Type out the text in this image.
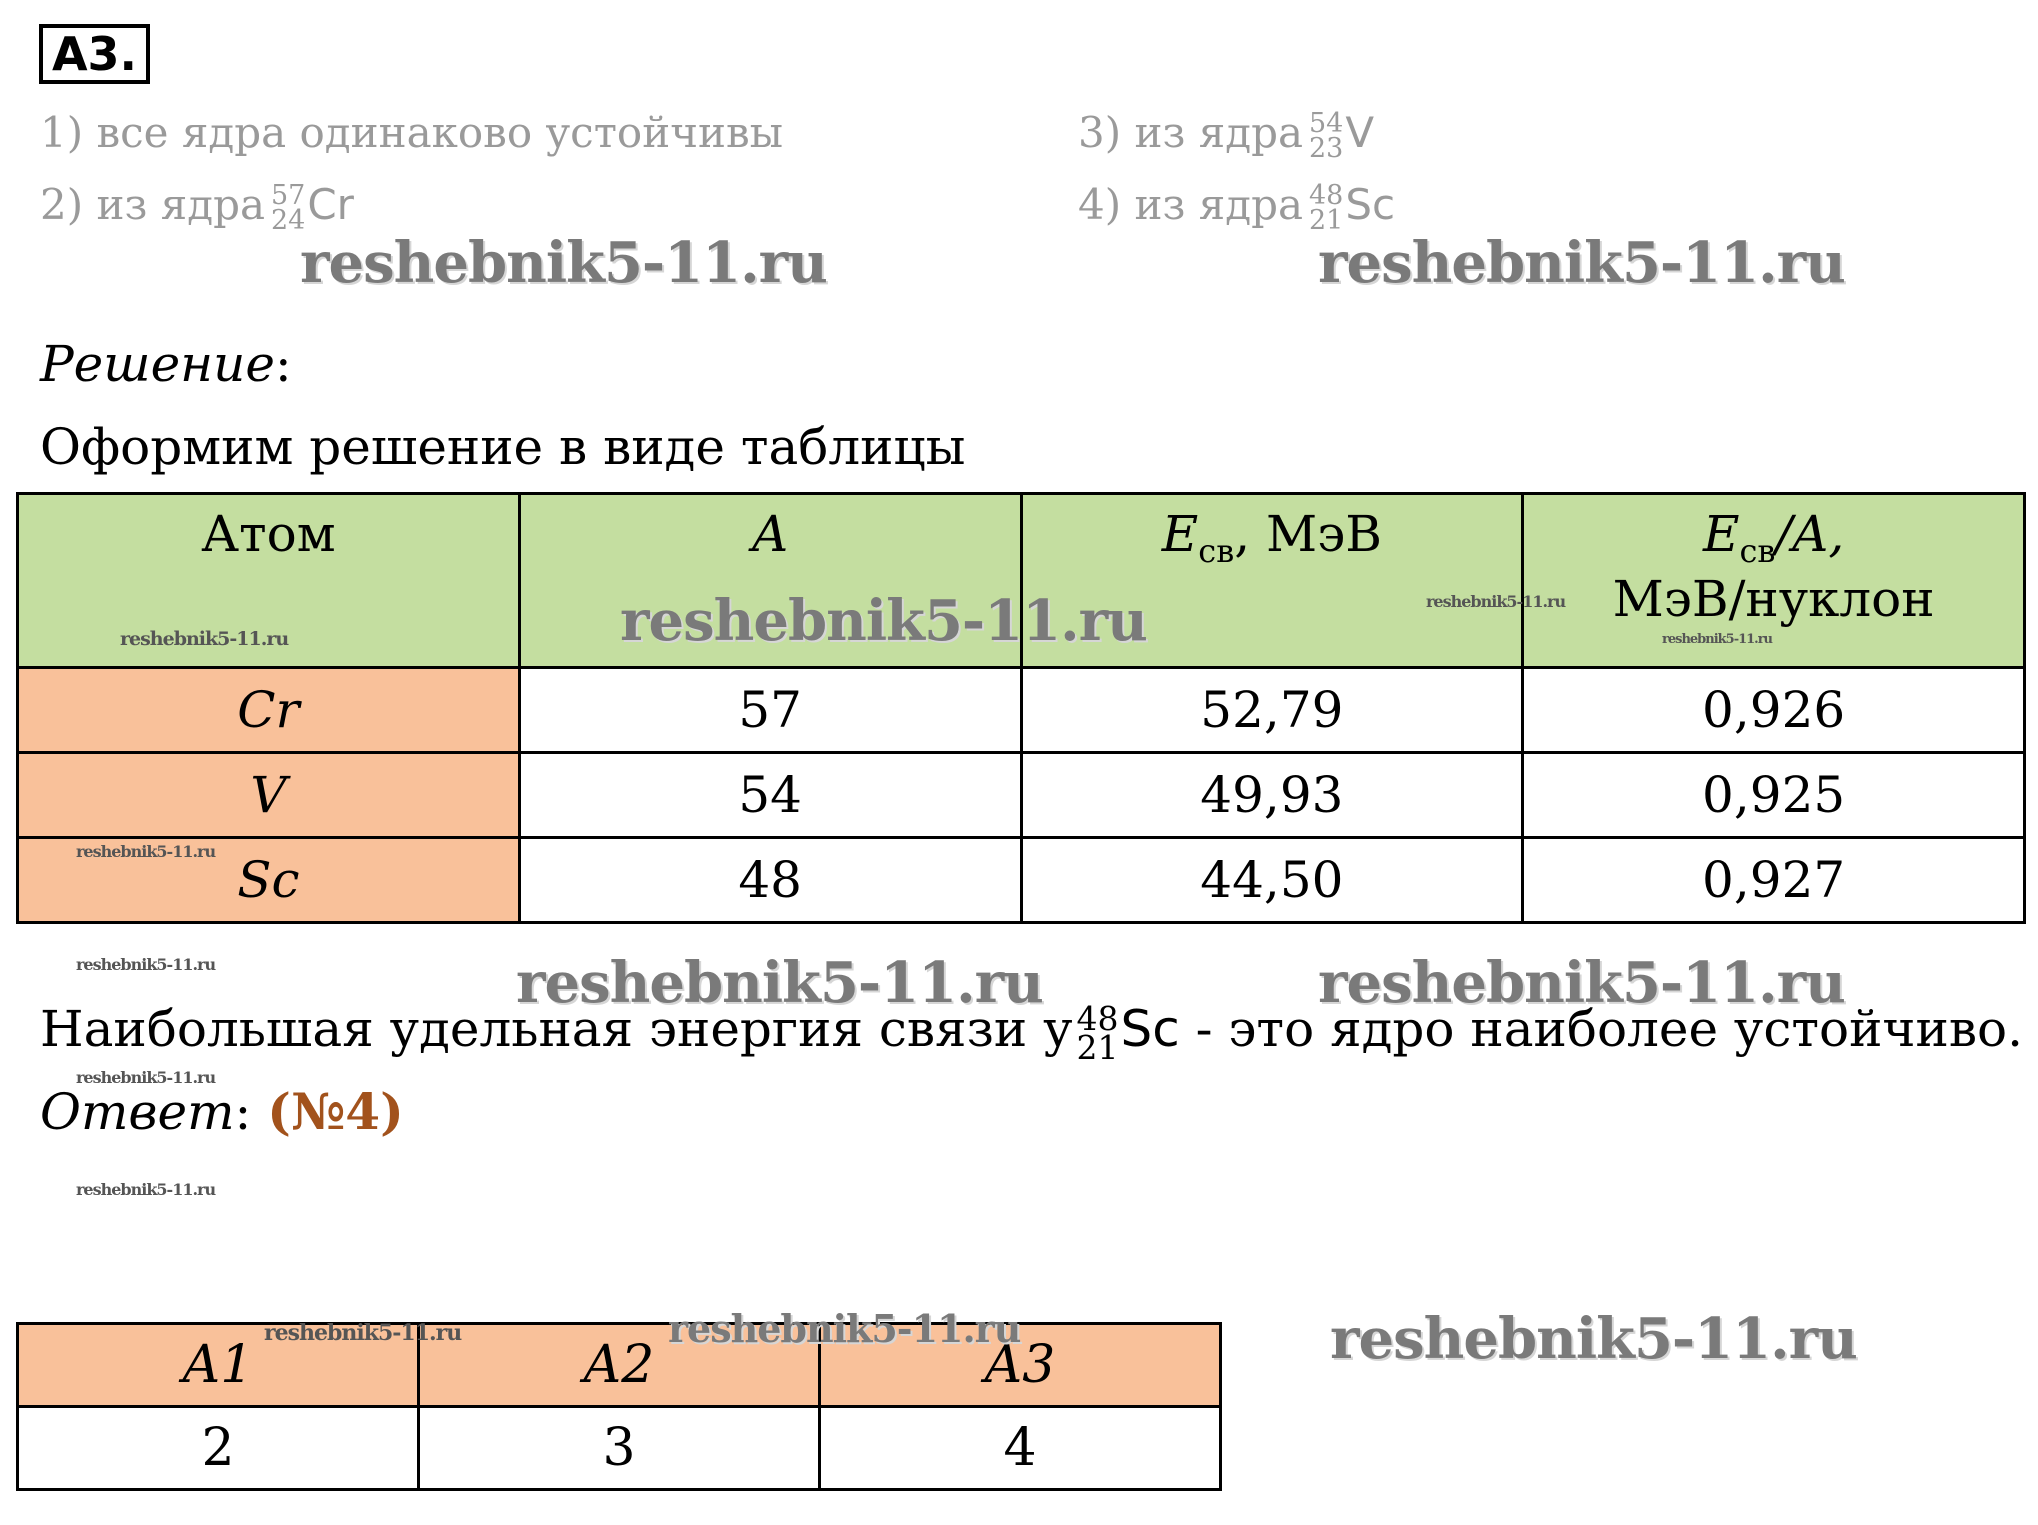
А3.
1) все ядра одинаково устойчивы
2) из ядра 57
24 Cr
3) из ядра 54
23 V
4) из ядра 48
21 Sc
reshebnik5-11.ru	reshebnik5-11.ru
Решение:
Оформим решение в виде таблицы
Атом	A	$E_{св}$, МэВ	$E_{св}/A$,
МэВ/нуклон
Cr	57	52,79	0,926
V	54	49,93	0,925
Sc	48	44,50	0,927
reshebnik5-11.ru
reshebnik5-11.ru
reshebnik5-11.ru
reshebnik5-11.ru
reshebnik5-11.ru
reshebnik5-11.ru	reshebnik5-11.ru	reshebnik5-11.ru
Наибольшая удельная энергия связи у 48
21 Sc - это ядро наиболее устойчиво.
reshebnik5-11.ru
Ответ: (№4)
reshebnik5-11.ru
A1	A2	A3
2	3	4
reshebnik5-11.ru	reshebnik5-11.ru	reshebnik5-11.ru
